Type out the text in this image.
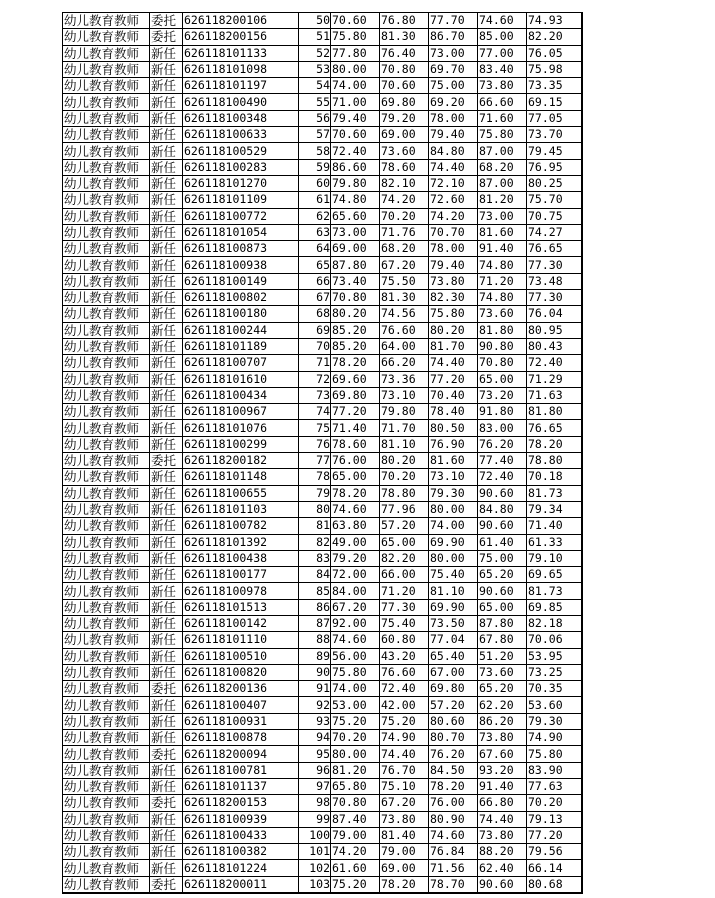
幼儿教育教师	委托	626118200106	50	70.60	76.80	77.70	74.60	74.93
幼儿教育教师	委托	626118200156	51	75.80	81.30	86.70	85.00	82.20
幼儿教育教师	新任	626118101133	52	77.80	76.40	73.00	77.00	76.05
幼儿教育教师	新任	626118101098	53	80.00	70.80	69.70	83.40	75.98
幼儿教育教师	新任	626118101197	54	74.00	70.60	75.00	73.80	73.35
幼儿教育教师	新任	626118100490	55	71.00	69.80	69.20	66.60	69.15
幼儿教育教师	新任	626118100348	56	79.40	79.20	78.00	71.60	77.05
幼儿教育教师	新任	626118100633	57	70.60	69.00	79.40	75.80	73.70
幼儿教育教师	新任	626118100529	58	72.40	73.60	84.80	87.00	79.45
幼儿教育教师	新任	626118100283	59	86.60	78.60	74.40	68.20	76.95
幼儿教育教师	新任	626118101270	60	79.80	82.10	72.10	87.00	80.25
幼儿教育教师	新任	626118101109	61	74.80	74.20	72.60	81.20	75.70
幼儿教育教师	新任	626118100772	62	65.60	70.20	74.20	73.00	70.75
幼儿教育教师	新任	626118101054	63	73.00	71.76	70.70	81.60	74.27
幼儿教育教师	新任	626118100873	64	69.00	68.20	78.00	91.40	76.65
幼儿教育教师	新任	626118100938	65	87.80	67.20	79.40	74.80	77.30
幼儿教育教师	新任	626118100149	66	73.40	75.50	73.80	71.20	73.48
幼儿教育教师	新任	626118100802	67	70.80	81.30	82.30	74.80	77.30
幼儿教育教师	新任	626118100180	68	80.20	74.56	75.80	73.60	76.04
幼儿教育教师	新任	626118100244	69	85.20	76.60	80.20	81.80	80.95
幼儿教育教师	新任	626118101189	70	85.20	64.00	81.70	90.80	80.43
幼儿教育教师	新任	626118100707	71	78.20	66.20	74.40	70.80	72.40
幼儿教育教师	新任	626118101610	72	69.60	73.36	77.20	65.00	71.29
幼儿教育教师	新任	626118100434	73	69.80	73.10	70.40	73.20	71.63
幼儿教育教师	新任	626118100967	74	77.20	79.80	78.40	91.80	81.80
幼儿教育教师	新任	626118101076	75	71.40	71.70	80.50	83.00	76.65
幼儿教育教师	新任	626118100299	76	78.60	81.10	76.90	76.20	78.20
幼儿教育教师	委托	626118200182	77	76.00	80.20	81.60	77.40	78.80
幼儿教育教师	新任	626118101148	78	65.00	70.20	73.10	72.40	70.18
幼儿教育教师	新任	626118100655	79	78.20	78.80	79.30	90.60	81.73
幼儿教育教师	新任	626118101103	80	74.60	77.96	80.00	84.80	79.34
幼儿教育教师	新任	626118100782	81	63.80	57.20	74.00	90.60	71.40
幼儿教育教师	新任	626118101392	82	49.00	65.00	69.90	61.40	61.33
幼儿教育教师	新任	626118100438	83	79.20	82.20	80.00	75.00	79.10
幼儿教育教师	新任	626118100177	84	72.00	66.00	75.40	65.20	69.65
幼儿教育教师	新任	626118100978	85	84.00	71.20	81.10	90.60	81.73
幼儿教育教师	新任	626118101513	86	67.20	77.30	69.90	65.00	69.85
幼儿教育教师	新任	626118100142	87	92.00	75.40	73.50	87.80	82.18
幼儿教育教师	新任	626118101110	88	74.60	60.80	77.04	67.80	70.06
幼儿教育教师	新任	626118100510	89	56.00	43.20	65.40	51.20	53.95
幼儿教育教师	新任	626118100820	90	75.80	76.60	67.00	73.60	73.25
幼儿教育教师	委托	626118200136	91	74.00	72.40	69.80	65.20	70.35
幼儿教育教师	新任	626118100407	92	53.00	42.00	57.20	62.20	53.60
幼儿教育教师	新任	626118100931	93	75.20	75.20	80.60	86.20	79.30
幼儿教育教师	新任	626118100878	94	70.20	74.90	80.70	73.80	74.90
幼儿教育教师	委托	626118200094	95	80.00	74.40	76.20	67.60	75.80
幼儿教育教师	新任	626118100781	96	81.20	76.70	84.50	93.20	83.90
幼儿教育教师	新任	626118101137	97	65.80	75.10	78.20	91.40	77.63
幼儿教育教师	委托	626118200153	98	70.80	67.20	76.00	66.80	70.20
幼儿教育教师	新任	626118100939	99	87.40	73.80	80.90	74.40	79.13
幼儿教育教师	新任	626118100433	100	79.00	81.40	74.60	73.80	77.20
幼儿教育教师	新任	626118100382	101	74.20	79.00	76.84	88.20	79.56
幼儿教育教师	新任	626118101224	102	61.60	69.00	71.56	62.40	66.14
幼儿教育教师	委托	626118200011	103	75.20	78.20	78.70	90.60	80.68
